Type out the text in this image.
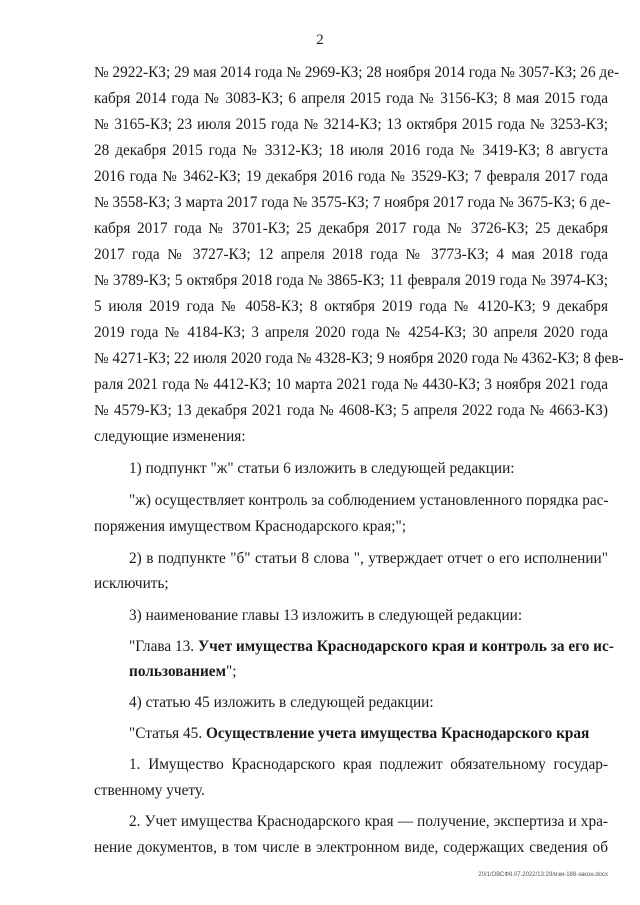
2
№ 2922-КЗ; 29 мая 2014 года № 2969-КЗ; 28 ноября 2014 года № 3057-КЗ; 26 де-
кабря 2014 года № 3083-КЗ; 6 апреля 2015 года № 3156-КЗ; 8 мая 2015 года
№ 3165-КЗ; 23 июля 2015 года № 3214-КЗ; 13 октября 2015 года № 3253-КЗ;
28 декабря 2015 года № 3312-КЗ; 18 июля 2016 года № 3419-КЗ; 8 августа
2016 года № 3462-КЗ; 19 декабря 2016 года № 3529-КЗ; 7 февраля 2017 года
№ 3558-КЗ; 3 марта 2017 года № 3575-КЗ; 7 ноября 2017 года № 3675-КЗ; 6 де-
кабря 2017 года № 3701-КЗ; 25 декабря 2017 года № 3726-КЗ; 25 декабря
2017 года № 3727-КЗ; 12 апреля 2018 года № 3773-КЗ; 4 мая 2018 года
№ 3789-КЗ; 5 октября 2018 года № 3865-КЗ; 11 февраля 2019 года № 3974-КЗ;
5 июля 2019 года № 4058-КЗ; 8 октября 2019 года № 4120-КЗ; 9 декабря
2019 года № 4184-КЗ; 3 апреля 2020 года № 4254-КЗ; 30 апреля 2020 года
№ 4271-КЗ; 22 июля 2020 года № 4328-КЗ; 9 ноября 2020 года № 4362-КЗ; 8 фев-
раля 2021 года № 4412-КЗ; 10 марта 2021 года № 4430-КЗ; 3 ноября 2021 года
№ 4579-КЗ; 13 декабря 2021 года № 4608-КЗ; 5 апреля 2022 года № 4663-КЗ)
следующие изменения:
1) подпункт "ж" статьи 6 изложить в следующей редакции:
"ж) осуществляет контроль за соблюдением установленного порядка рас-
поряжения имуществом Краснодарского края;";
2) в подпункте "б" статьи 8 слова ", утверждает отчет о его исполнении"
исключить;
3) наименование главы 13 изложить в следующей редакции:
"Глава 13. Учет имущества Краснодарского края и контроль за его ис-
пользованием";
4) статью 45 изложить в следующей редакции:
"Статья 45. Осуществление учета имущества Краснодарского края
1. Имущество Краснодарского края подлежит обязательному государ-
ственному учету.
2. Учет имущества Краснодарского края — получение, экспертиза и хра-
нение документов, в том числе в электронном виде, содержащих сведения об
20/1/ОВСФ8.07.2022/13:29/изм-188-закон.docx
